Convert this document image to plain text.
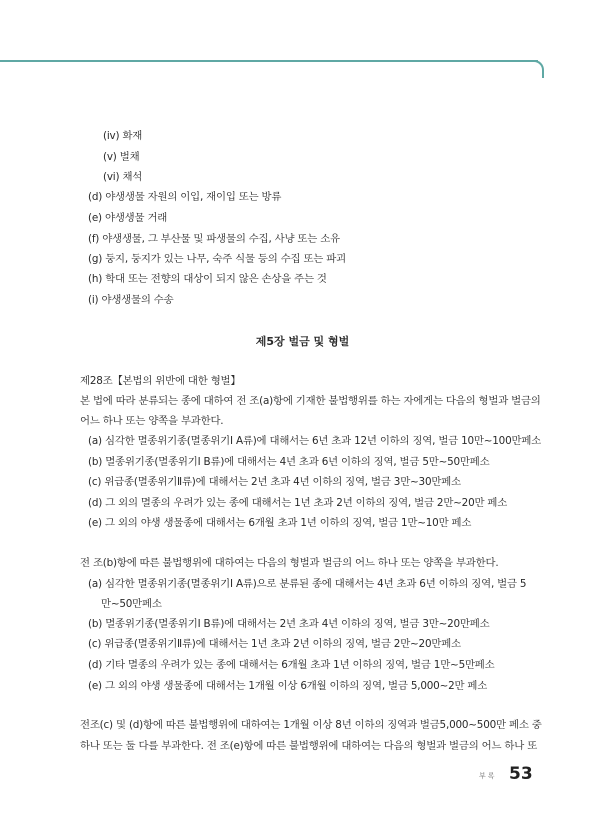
(iv) 화재
(v) 벌채
(vi) 채석
(d) 야생생물 자원의 이입, 재이입 또는 방류
(e) 야생생물 거래
(f) 야생생물, 그 부산물 및 파생물의 수집, 사냥 또는 소유
(g) 둥지, 둥지가 있는 나무, 숙주 식물 등의 수집 또는 파괴
(h) 학대 또는 전향의 대상이 되지 않은 손상을 주는 것
(i) 야생생물의 수송
제5장 벌금 및 형벌
제28조【본법의 위반에 대한 형벌】
본 법에 따라 분류되는 종에 대하여 전 조(a)항에 기재한 불법행위를 하는 자에게는 다음의 형벌과 벌금의
어느 하나 또는 양쪽을 부과한다.
(a) 심각한 멸종위기종(멸종위기Ⅰ A류)에 대해서는 6년 초과 12년 이하의 징역, 벌금 10만~100만페소
(b) 멸종위기종(멸종위기Ⅰ B류)에 대해서는 4년 초과 6년 이하의 징역, 벌금 5만~50만페소
(c) 위급종(멸종위기Ⅱ류)에 대해서는 2년 초과 4년 이하의 징역, 벌금 3만~30만페소
(d) 그 외의 멸종의 우려가 있는 종에 대해서는 1년 초과 2년 이하의 징역, 벌금 2만~20만 페소
(e) 그 외의 야생 생물종에 대해서는 6개월 초과 1년 이하의 징역, 벌금 1만~10만 페소
전 조(b)항에 따른 불법행위에 대하여는 다음의 형벌과 벌금의 어느 하나 또는 양쪽을 부과한다.
(a) 심각한 멸종위기종(멸종위기Ⅰ A류)으로 분류된 종에 대해서는 4년 초과 6년 이하의 징역, 벌금 5
만~50만페소
(b) 멸종위기종(멸종위기Ⅰ B류)에 대해서는 2년 초과 4년 이하의 징역, 벌금 3만~20만페소
(c) 위급종(멸종위기Ⅱ류)에 대해서는 1년 초과 2년 이하의 징역, 벌금 2만~20만페소
(d) 기타 멸종의 우려가 있는 종에 대해서는 6개월 초과 1년 이하의 징역, 벌금 1만~5만페소
(e) 그 외의 야생 생물종에 대해서는 1개월 이상 6개월 이하의 징역, 벌금 5,000~2만 페소
전조(c) 및 (d)항에 따른 불법행위에 대하여는 1개월 이상 8년 이하의 징역과 벌금5,000~500만 페소 중
하나 또는 둘 다를 부과한다. 전 조(e)항에 따른 불법행위에 대하여는 다음의 형벌과 벌금의 어느 하나 또
부록 53
